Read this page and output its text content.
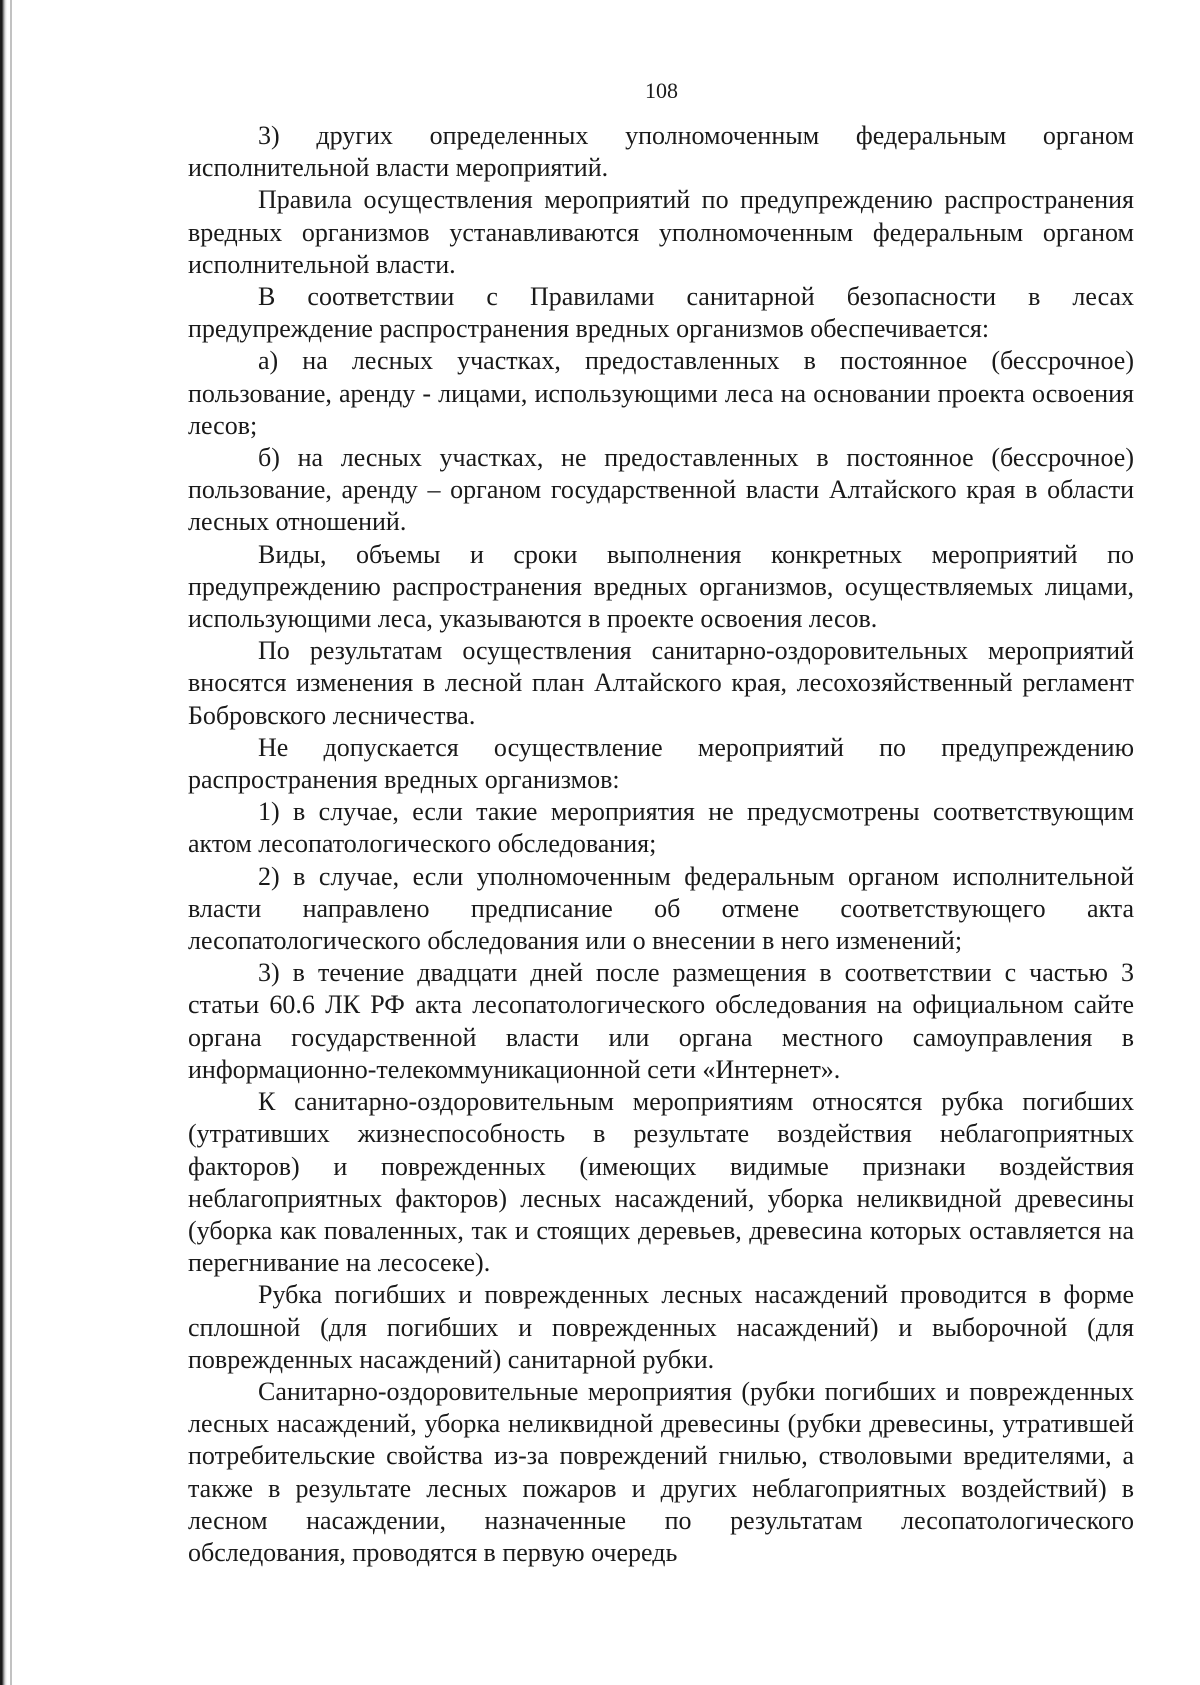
108

3) других определенных уполномоченным федеральным органом исполнительной власти мероприятий.

Правила осуществления мероприятий по предупреждению распространения вредных организмов устанавливаются уполномоченным федеральным органом исполнительной власти.

В соответствии с Правилами санитарной безопасности в лесах предупреждение распространения вредных организмов обеспечивается:

а) на лесных участках, предоставленных в постоянное (бессрочное) пользование, аренду - лицами, использующими леса на основании проекта освоения лесов;

б) на лесных участках, не предоставленных в постоянное (бессрочное) пользование, аренду – органом государственной власти Алтайского края в области лесных отношений.

Виды, объемы и сроки выполнения конкретных мероприятий по предупреждению распространения вредных организмов, осуществляемых лицами, использующими леса, указываются в проекте освоения лесов.

По результатам осуществления санитарно-оздоровительных мероприятий вносятся изменения в лесной план Алтайского края, лесохозяйственный регламент Бобровского лесничества.

Не допускается осуществление мероприятий по предупреждению распространения вредных организмов:

1) в случае, если такие мероприятия не предусмотрены соответствующим актом лесопатологического обследования;

2) в случае, если уполномоченным федеральным органом исполнительной власти направлено предписание об отмене соответствующего акта лесопатологического обследования или о внесении в него изменений;

3) в течение двадцати дней после размещения в соответствии с частью 3 статьи 60.6 ЛК РФ акта лесопатологического обследования на официальном сайте органа государственной власти или органа местного самоуправления в информационно-телекоммуникационной сети «Интернет».

К санитарно-оздоровительным мероприятиям относятся рубка погибших (утративших жизнеспособность в результате воздействия неблагоприятных факторов) и поврежденных (имеющих видимые признаки воздействия неблагоприятных факторов) лесных насаждений, уборка неликвидной древесины (уборка как поваленных, так и стоящих деревьев, древесина которых оставляется на перегнивание на лесосеке).

Рубка погибших и поврежденных лесных насаждений проводится в форме сплошной (для погибших и поврежденных насаждений) и выборочной (для поврежденных насаждений) санитарной рубки.

Санитарно-оздоровительные мероприятия (рубки погибших и поврежденных лесных насаждений, уборка неликвидной древесины (рубки древесины, утратившей потребительские свойства из-за повреждений гнилью, стволовыми вредителями, а также в результате лесных пожаров и других неблагоприятных воздействий) в лесном насаждении, назначенные по результатам лесопатологического обследования, проводятся в первую очередь
